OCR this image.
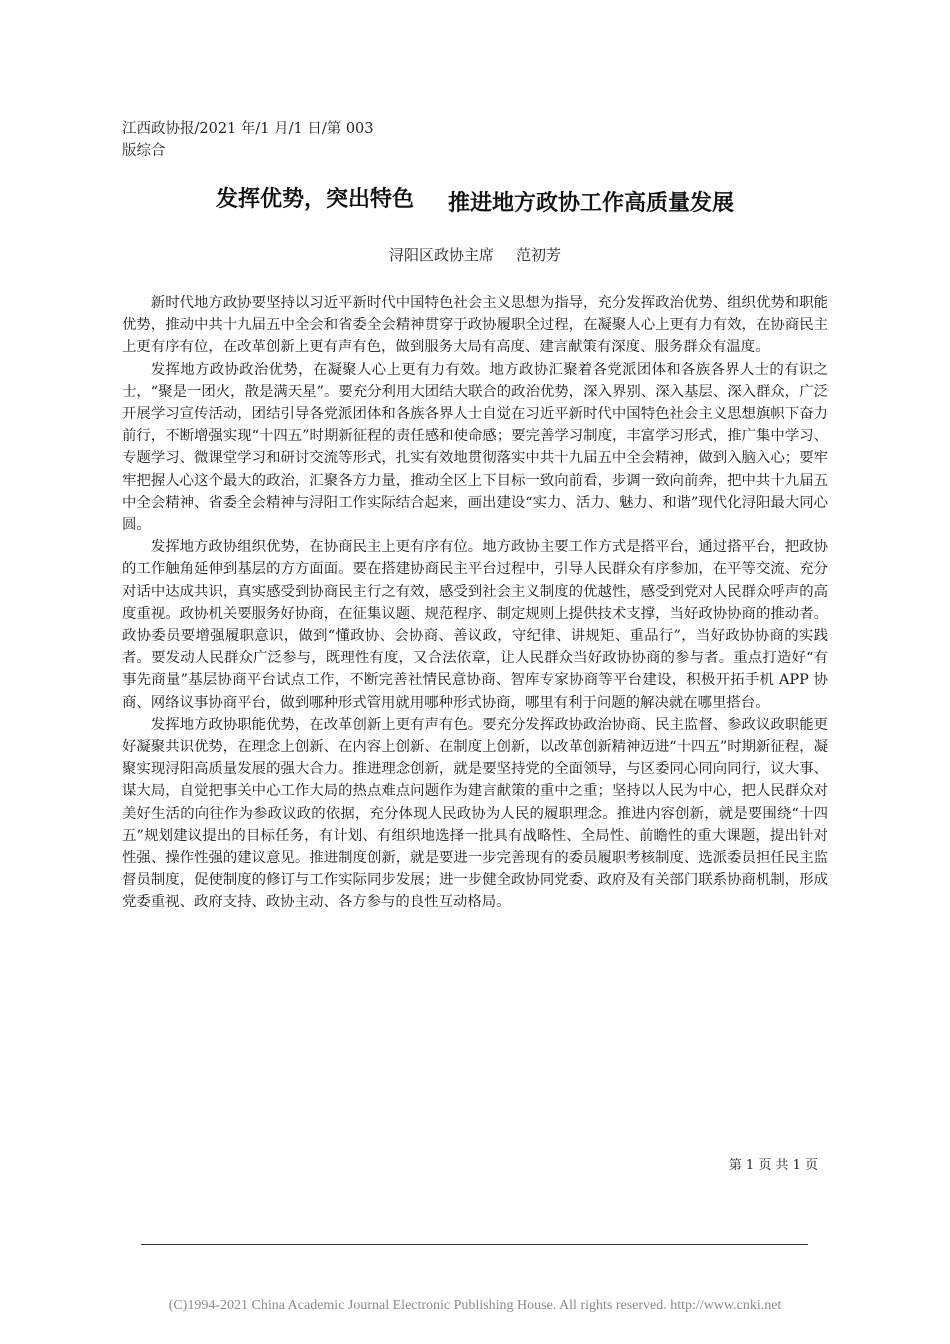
江西政协报/2021 年/1 月/1 日/第 003
版综合
发挥优势，突出特色 推进地方政协工作高质量发展
浔阳区政协主席 范初芳

新时代地方政协要坚持以习近平新时代中国特色社会主义思想为指导，充分发挥政治优势、组织优势和职能优势，推动中共十九届五中全会和省委全会精神贯穿于政协履职全过程，在凝聚人心上更有力有效，在协商民主上更有序有位，在改革创新上更有声有色，做到服务大局有高度、建言献策有深度、服务群众有温度。

发挥地方政协政治优势，在凝聚人心上更有力有效。地方政协汇聚着各党派团体和各族各界人士的有识之士，“聚是一团火，散是满天星”。要充分利用大团结大联合的政治优势，深入界别、深入基层、深入群众，广泛开展学习宣传活动，团结引导各党派团体和各族各界人士自觉在习近平新时代中国特色社会主义思想旗帜下奋力前行，不断增强实现“十四五”时期新征程的责任感和使命感；要完善学习制度，丰富学习形式，推广集中学习、专题学习、微课堂学习和研讨交流等形式，扎实有效地贯彻落实中共十九届五中全会精神，做到入脑入心；要牢牢把握人心这个最大的政治，汇聚各方力量，推动全区上下目标一致向前看，步调一致向前奔，把中共十九届五中全会精神、省委全会精神与浔阳工作实际结合起来，画出建设“实力、活力、魅力、和谐”现代化浔阳最大同心圆。

发挥地方政协组织优势，在协商民主上更有序有位。地方政协主要工作方式是搭平台，通过搭平台，把政协的工作触角延伸到基层的方方面面。要在搭建协商民主平台过程中，引导人民群众有序参加，在平等交流、充分对话中达成共识，真实感受到协商民主行之有效，感受到社会主义制度的优越性，感受到党对人民群众呼声的高度重视。政协机关要服务好协商，在征集议题、规范程序、制定规则上提供技术支撑，当好政协协商的推动者。政协委员要增强履职意识，做到“懂政协、会协商、善议政，守纪律、讲规矩、重品行”，当好政协协商的实践者。要发动人民群众广泛参与，既理性有度，又合法依章，让人民群众当好政协协商的参与者。重点打造好“有事先商量”基层协商平台试点工作，不断完善社情民意协商、智库专家协商等平台建设，积极开拓手机 APP 协商、网络议事协商平台，做到哪种形式管用就用哪种形式协商，哪里有利于问题的解决就在哪里搭台。

发挥地方政协职能优势，在改革创新上更有声有色。要充分发挥政协政治协商、民主监督、参政议政职能更好凝聚共识优势，在理念上创新、在内容上创新、在制度上创新，以改革创新精神迈进“十四五”时期新征程，凝聚实现浔阳高质量发展的强大合力。推进理念创新，就是要坚持党的全面领导，与区委同心同向同行，议大事、谋大局，自觉把事关中心工作大局的热点难点问题作为建言献策的重中之重；坚持以人民为中心，把人民群众对美好生活的向往作为参政议政的依据，充分体现人民政协为人民的履职理念。推进内容创新，就是要围绕“十四五”规划建议提出的目标任务，有计划、有组织地选择一批具有战略性、全局性、前瞻性的重大课题，提出针对性强、操作性强的建议意见。推进制度创新，就是要进一步完善现有的委员履职考核制度、选派委员担任民主监督员制度，促使制度的修订与工作实际同步发展；进一步健全政协同党委、政府及有关部门联系协商机制，形成党委重视、政府支持、政协主动、各方参与的良性互动格局。

第 1 页 共 1 页
(C)1994-2021 China Academic Journal Electronic Publishing House. All rights reserved. http://www.cnki.net
